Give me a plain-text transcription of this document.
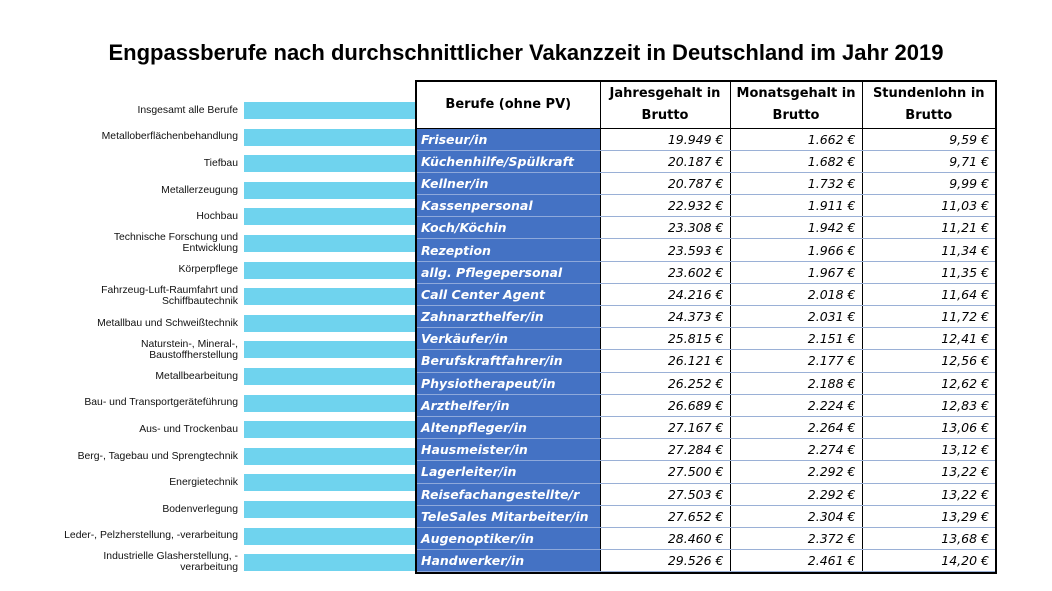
Engpassberufe nach durchschnittlicher Vakanzzeit in Deutschland im Jahr 2019
Insgesamt alle Berufe
Metalloberflächenbehandlung
Tiefbau
Metallerzeugung
Hochbau
Technische Forschung und Entwicklung
Körperpflege
Fahrzeug-Luft-Raumfahrt und Schiffbautechnik
Metallbau und Schweißtechnik
Naturstein-, Mineral-, Baustoffherstellung
Metallbearbeitung
Bau- und Transportgeräteführung
Aus- und Trockenbau
Berg-, Tagebau und Sprengtechnik
Energietechnik
Bodenverlegung
Leder-, Pelzherstellung, -verarbeitung
Industrielle Glasherstellung, -verarbeitung
Berufe (ohne PV)	Jahresgehalt in Brutto	Monatsgehalt in Brutto	Stundenlohn in Brutto
Friseur/in	19.949 €	1.662 €	9,59 €
Küchenhilfe/Spülkraft	20.187 €	1.682 €	9,71 €
Kellner/in	20.787 €	1.732 €	9,99 €
Kassenpersonal	22.932 €	1.911 €	11,03 €
Koch/Köchin	23.308 €	1.942 €	11,21 €
Rezeption	23.593 €	1.966 €	11,34 €
allg. Pflegepersonal	23.602 €	1.967 €	11,35 €
Call Center Agent	24.216 €	2.018 €	11,64 €
Zahnarzthelfer/in	24.373 €	2.031 €	11,72 €
Verkäufer/in	25.815 €	2.151 €	12,41 €
Berufskraftfahrer/in	26.121 €	2.177 €	12,56 €
Physiotherapeut/in	26.252 €	2.188 €	12,62 €
Arzthelfer/in	26.689 €	2.224 €	12,83 €
Altenpfleger/in	27.167 €	2.264 €	13,06 €
Hausmeister/in	27.284 €	2.274 €	13,12 €
Lagerleiter/in	27.500 €	2.292 €	13,22 €
Reisefachangestellte/r	27.503 €	2.292 €	13,22 €
TeleSales Mitarbeiter/in	27.652 €	2.304 €	13,29 €
Augenoptiker/in	28.460 €	2.372 €	13,68 €
Handwerker/in	29.526 €	2.461 €	14,20 €
